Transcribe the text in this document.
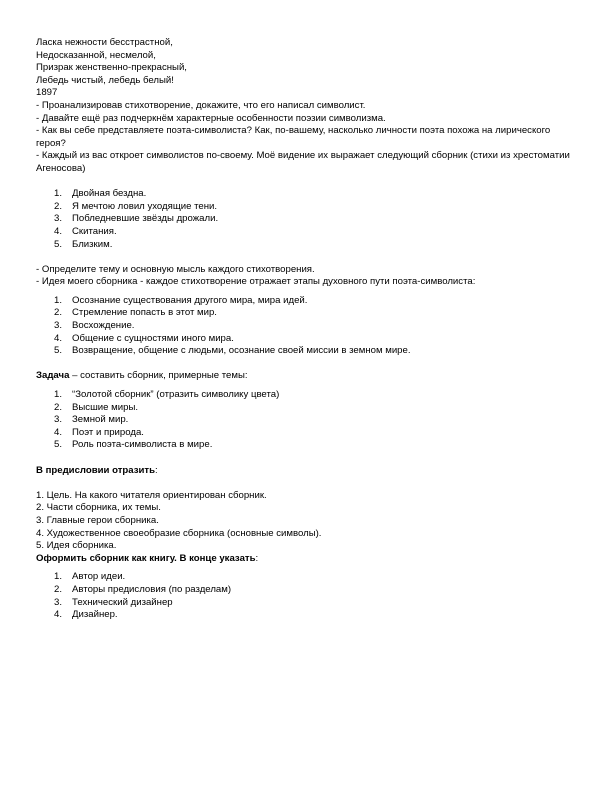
Ласка нежности бесстрастной,
Недосказанной, несмелой,
Призрак женственно-прекрасный,
Лебедь чистый, лебедь белый!
1897
- Проанализировав стихотворение, докажите, что его написал символист.
- Давайте ещё раз подчеркнём характерные особенности поэзии символизма.
- Как вы себе представляете поэта-символиста? Как, по-вашему, насколько личности поэта похожа на лирического героя?
- Каждый из вас откроет символистов по-своему. Моё видение их выражает следующий сборник (стихи из хрестоматии Агеносова)
1.	Двойная бездна.
2.	Я мечтою ловил уходящие тени.
3.	Побледневшие звёзды дрожали.
4.	Скитания.
5.	Близким.
- Определите тему и основную мысль каждого стихотворения.
- Идея моего сборника - каждое стихотворение отражает этапы духовного пути поэта-символиста:
1.	Осознание существования другого мира, мира идей.
2.	Стремление попасть в этот мир.
3.	Восхождение.
4.	Общение с сущностями иного мира.
5.	Возвращение, общение с людьми, осознание своей миссии в земном мире.
Задача – составить сборник, примерные темы:
1.	“Золотой сборник” (отразить символику цвета)
2.	Высшие миры.
3.	Земной мир.
4.	Поэт и природа.
5.	Роль поэта-символиста в мире.
В предисловии отразить:
1. Цель. На какого читателя ориентирован сборник.
2. Части сборника, их темы.
3. Главные герои сборника.
4. Художественное своеобразие сборника (основные символы).
5. Идея сборника.
Оформить сборник как книгу. В конце указать:
1.	Автор идеи.
2.	Авторы предисловия (по разделам)
3.	Технический дизайнер
4.	Дизайнер.
